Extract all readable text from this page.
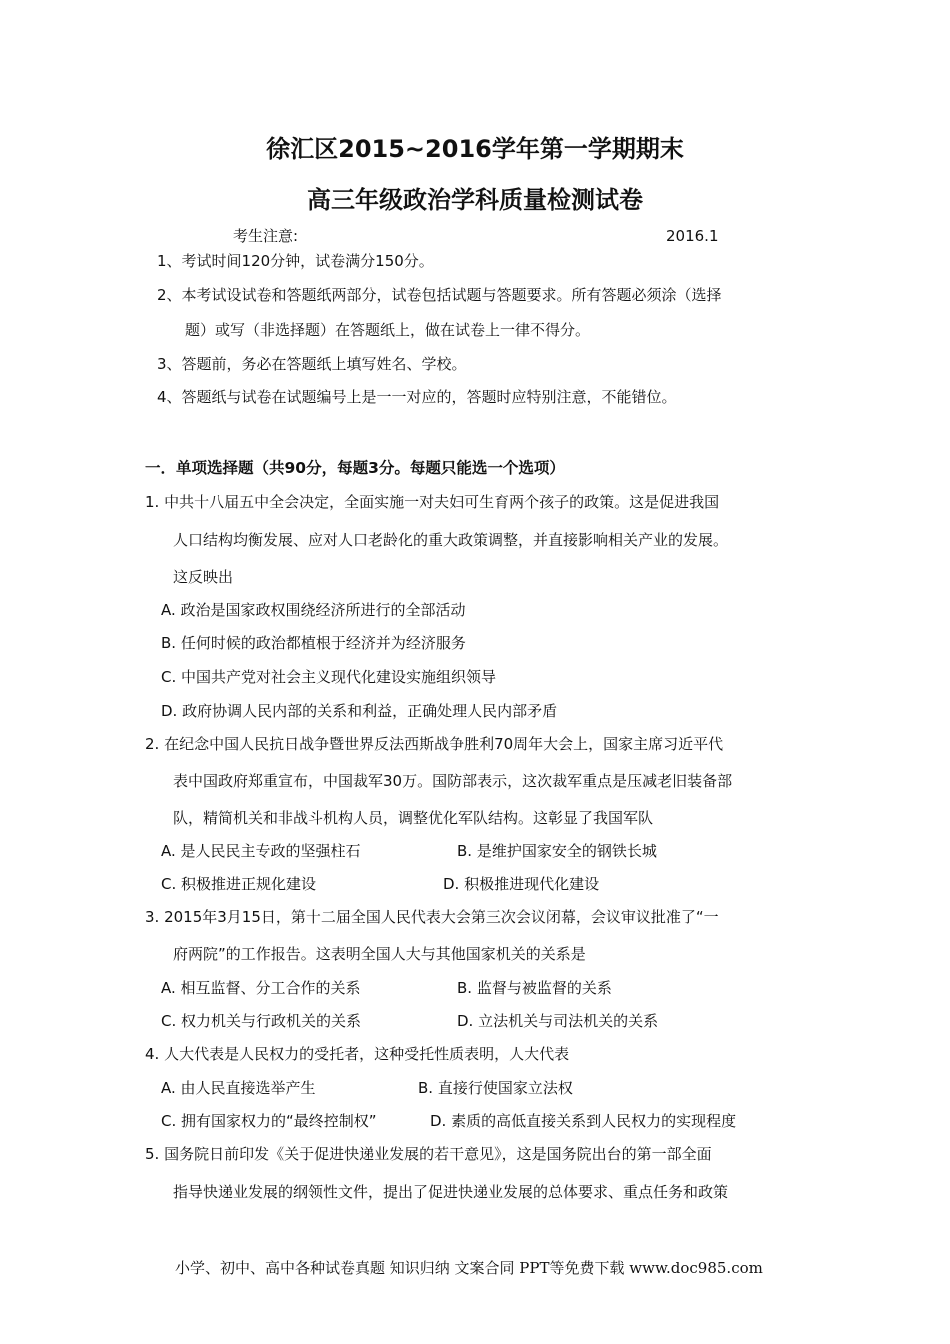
徐汇区2015~2016学年第一学期期末
高三年级政治学科质量检测试卷
考生注意:	2016.1
1、考试时间120分钟，试卷满分150分。
2、本考试设试卷和答题纸两部分，试卷包括试题与答题要求。所有答题必须涂（选择
题）或写（非选择题）在答题纸上，做在试卷上一律不得分。
3、答题前，务必在答题纸上填写姓名、学校。
4、答题纸与试卷在试题编号上是一一对应的，答题时应特别注意，不能错位。
一．单项选择题（共90分，每题3分。每题只能选一个选项）
1. 中共十八届五中全会决定，全面实施一对夫妇可生育两个孩子的政策。这是促进我国
人口结构均衡发展、应对人口老龄化的重大政策调整，并直接影响相关产业的发展。
这反映出
A. 政治是国家政权围绕经济所进行的全部活动
B. 任何时候的政治都植根于经济并为经济服务
C. 中国共产党对社会主义现代化建设实施组织领导
D. 政府协调人民内部的关系和利益，正确处理人民内部矛盾
2. 在纪念中国人民抗日战争暨世界反法西斯战争胜利70周年大会上，国家主席习近平代
表中国政府郑重宣布，中国裁军30万。国防部表示，这次裁军重点是压减老旧装备部
队，精简机关和非战斗机构人员，调整优化军队结构。这彰显了我国军队
A. 是人民民主专政的坚强柱石	B. 是维护国家安全的钢铁长城
C. 积极推进正规化建设	D. 积极推进现代化建设
3. 2015年3月15日，第十二届全国人民代表大会第三次会议闭幕，会议审议批准了“一
府两院”的工作报告。这表明全国人大与其他国家机关的关系是
A. 相互监督、分工合作的关系	B. 监督与被监督的关系
C. 权力机关与行政机关的关系	D. 立法机关与司法机关的关系
4. 人大代表是人民权力的受托者，这种受托性质表明，人大代表
A. 由人民直接选举产生	B. 直接行使国家立法权
C. 拥有国家权力的“最终控制权”	D. 素质的高低直接关系到人民权力的实现程度
5. 国务院日前印发《关于促进快递业发展的若干意见》，这是国务院出台的第一部全面
指导快递业发展的纲领性文件，提出了促进快递业发展的总体要求、重点任务和政策
小学、初中、高中各种试卷真题 知识归纳 文案合同 PPT等免费下载 www.doc985.com
